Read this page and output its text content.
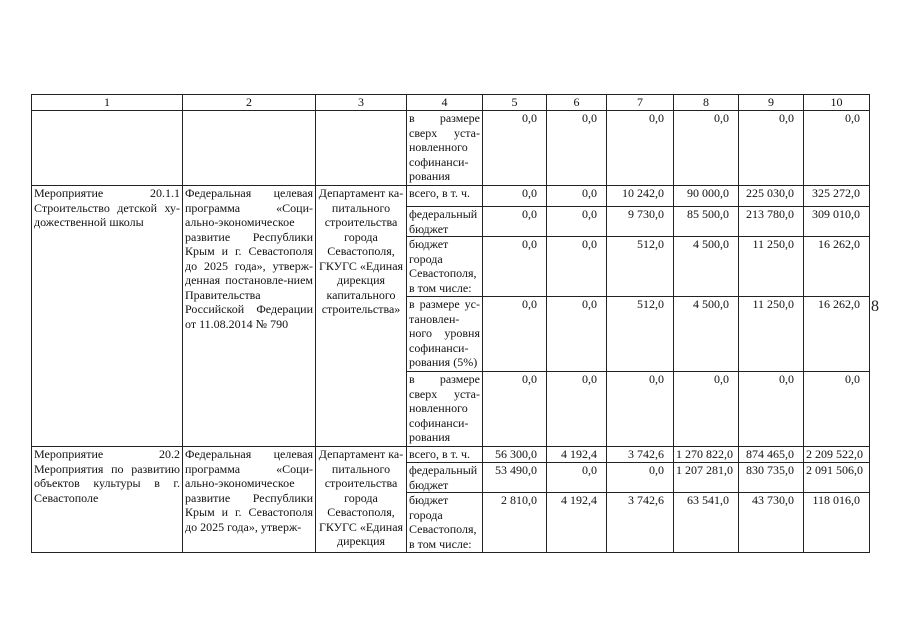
1	2	3	4	5	6	7	8	9	10
			в размере сверх уста-новленного софинанси-рования	0,0	0,0	0,0	0,0	0,0	0,0
Мероприятие 20.1.1 Строительство детской ху-дожественной школы	Федеральная целевая программа «Соци-ально-экономическое развитие Республики Крым и г. Севастополя до 2025 года», утверж-денная постановле-нием Правительства Российской Федерации от 11.08.2014 № 790	Департамент ка-питального строительства города Севастополя, ГКУГС «Единая дирекция капитального строительства»	всего, в т. ч.	0,0	0,0	10 242,0	90 000,0	225 030,0	325 272,0
			федеральный бюджет	0,0	0,0	9 730,0	85 500,0	213 780,0	309 010,0
			бюджет города Севастополя, в том числе:	0,0	0,0	512,0	4 500,0	11 250,0	16 262,0
			в размере ус-тановлен-ного уровня софинанси-рования (5%)	0,0	0,0	512,0	4 500,0	11 250,0	16 262,0
			в размере сверх уста-новленного софинанси-рования	0,0	0,0	0,0	0,0	0,0	0,0
Мероприятие 20.2 Мероприятия по развитию объектов культуры в г. Севастополе	Федеральная целевая программа «Соци-ально-экономическое развитие Республики Крым и г. Севастополя до 2025 года», утверж-	Департамент ка-питального строительства города Севастополя, ГКУГС «Единая дирекция	всего, в т. ч.	56 300,0	4 192,4	3 742,6	1 270 822,0	874 465,0	2 209 522,0
			федеральный бюджет	53 490,0	0,0	0,0	1 207 281,0	830 735,0	2 091 506,0
			бюджет города Севастополя, в том числе:	2 810,0	4 192,4	3 742,6	63 541,0	43 730,0	118 016,0
8
